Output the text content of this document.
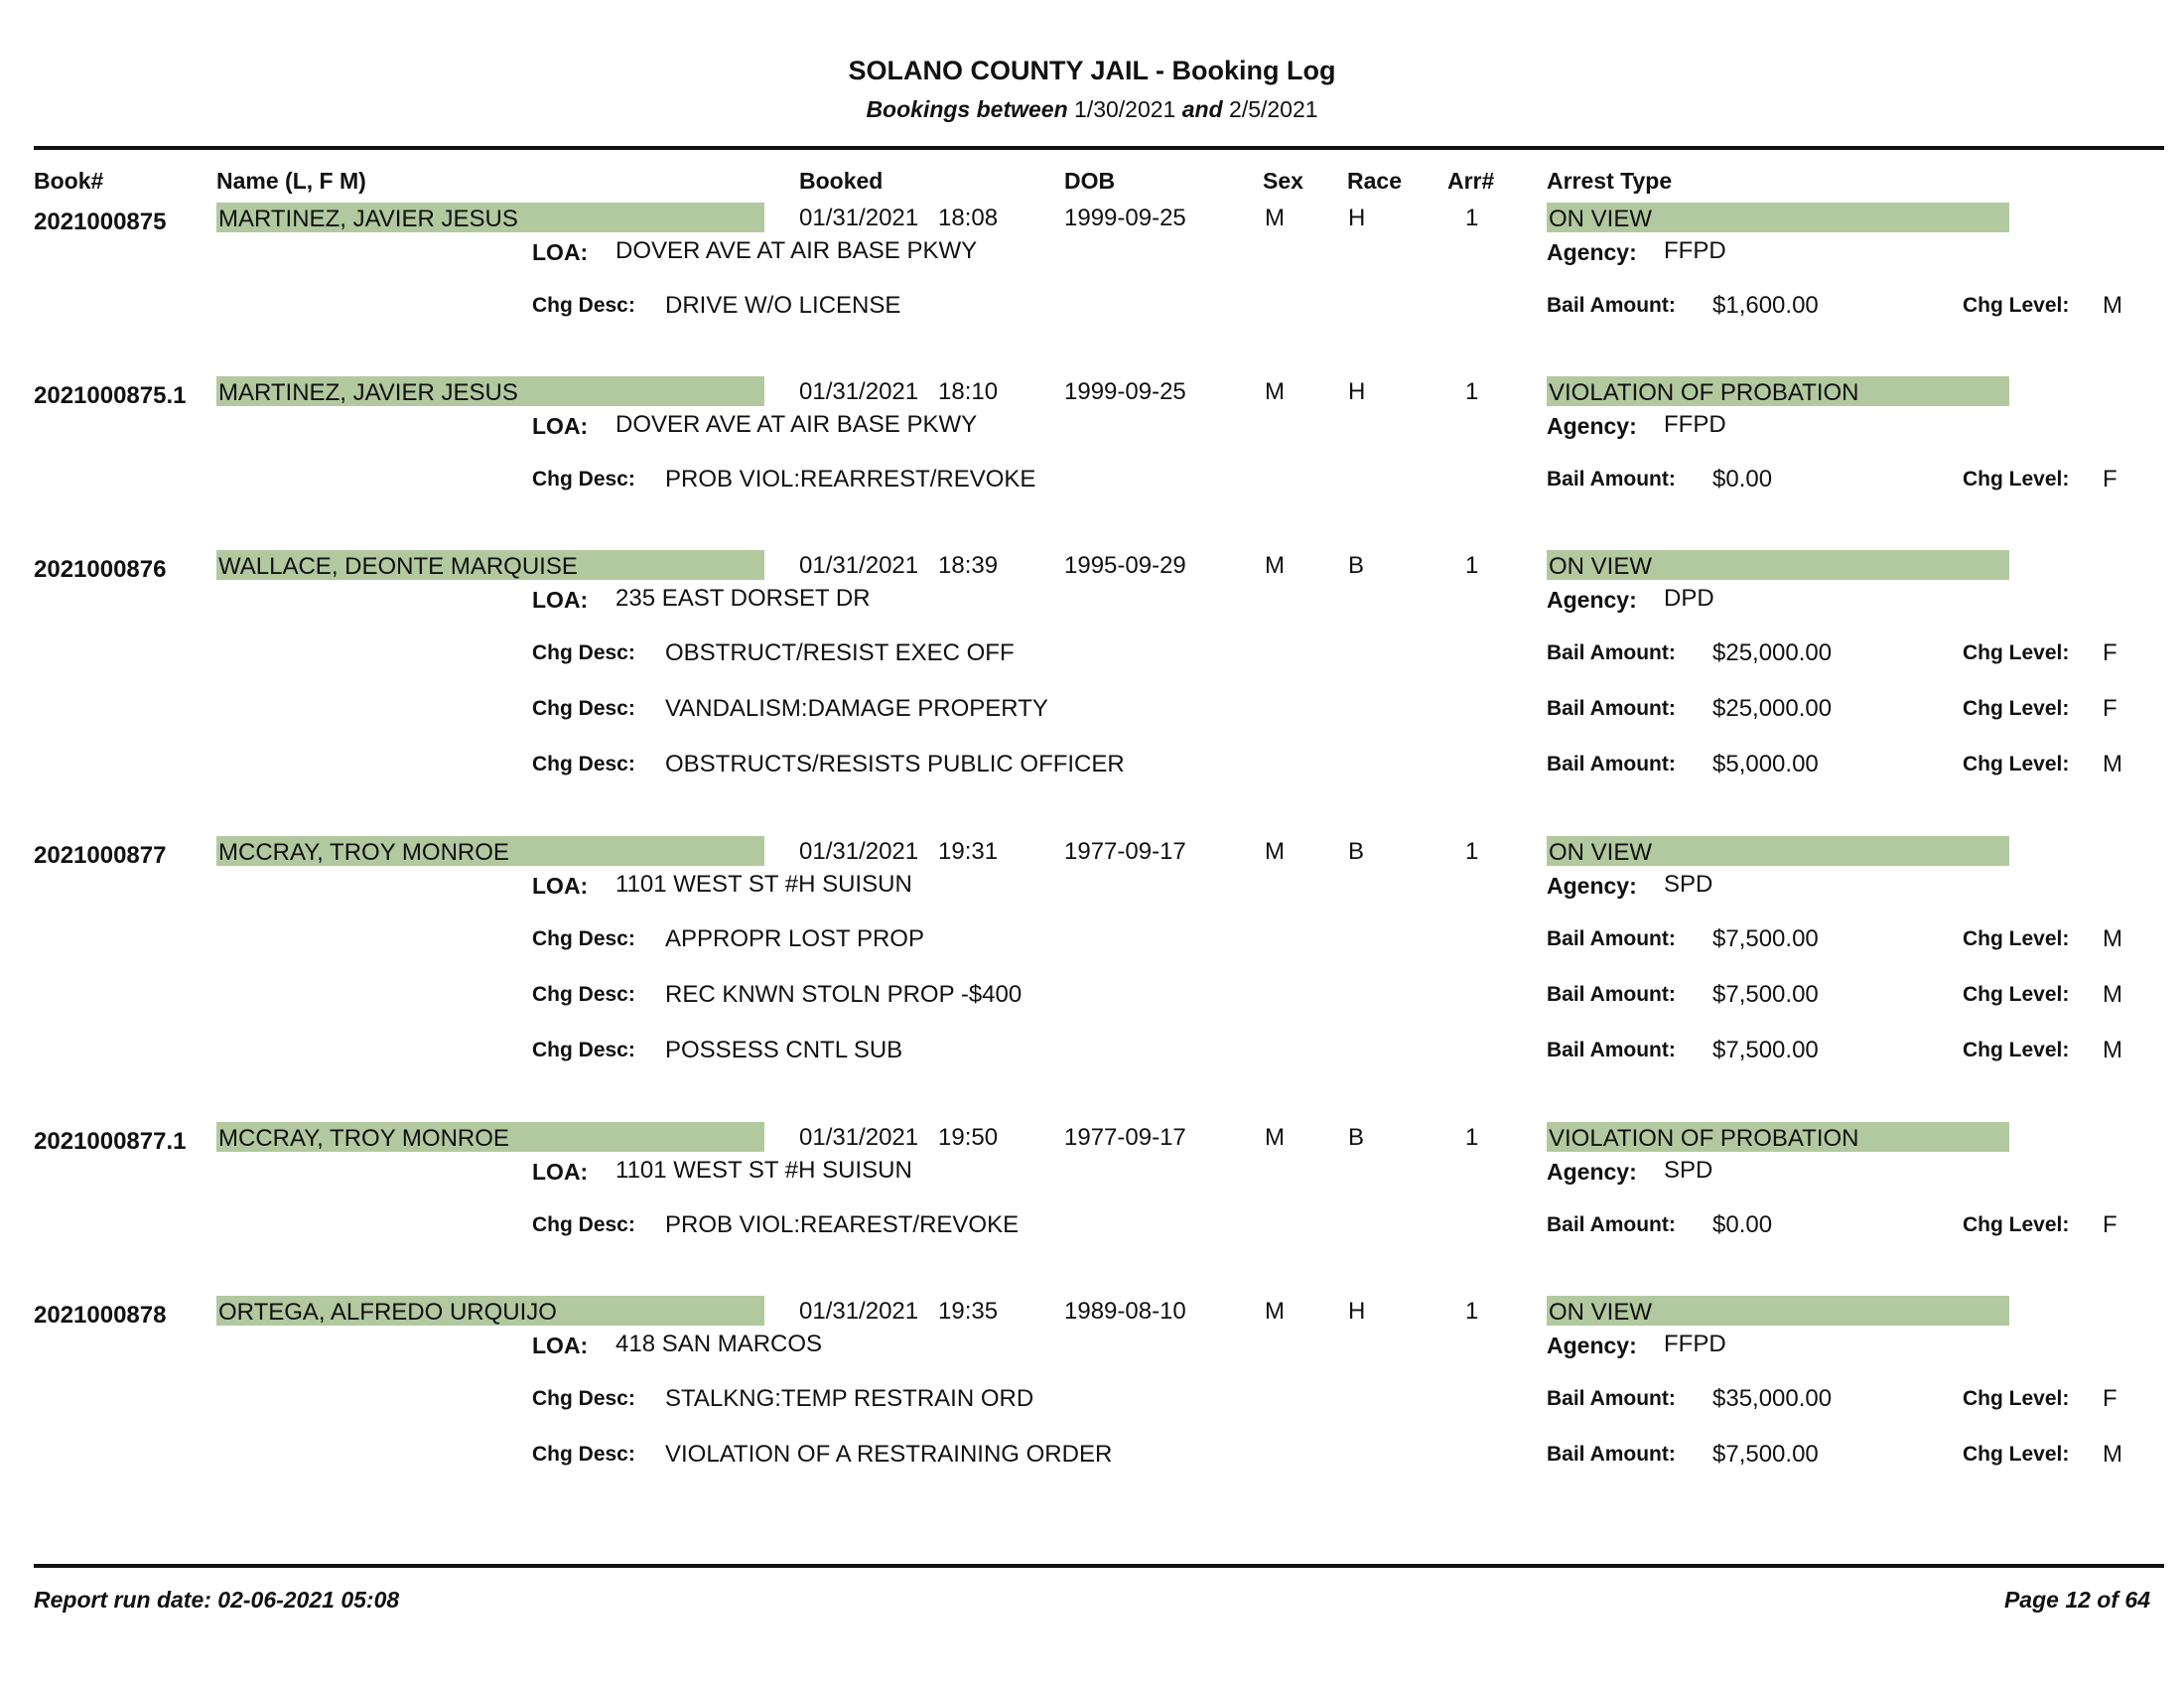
SOLANO COUNTY JAIL - Booking Log
Bookings between 1/30/2021 and 2/5/2021
Book#	Name (L, F M)	Booked	DOB	Sex Race Arr# Arrest Type
2021000875 MARTINEZ, JAVIER JESUS	01/31/2021 18:08	1999-09-25	M	H	1	ON VIEW
LOA: DOVER AVE AT AIR BASE PKWY	Agency: FFPD
Chg Desc: DRIVE W/O LICENSE	Bail Amount: $1,600.00	Chg Level: M
2021000875.1 MARTINEZ, JAVIER JESUS	01/31/2021 18:10	1999-09-25	M	H	1	VIOLATION OF PROBATION
LOA: DOVER AVE AT AIR BASE PKWY	Agency: FFPD
Chg Desc: PROB VIOL:REARREST/REVOKE	Bail Amount: $0.00	Chg Level: F
2021000876 WALLACE, DEONTE MARQUISE	01/31/2021 18:39	1995-09-29	M	B	1	ON VIEW
LOA: 235 EAST DORSET DR	Agency: DPD
Chg Desc: OBSTRUCT/RESIST EXEC OFF	Bail Amount: $25,000.00	Chg Level: F
Chg Desc: VANDALISM:DAMAGE PROPERTY	Bail Amount: $25,000.00	Chg Level: F
Chg Desc: OBSTRUCTS/RESISTS PUBLIC OFFICER	Bail Amount: $5,000.00	Chg Level: M
2021000877 MCCRAY, TROY MONROE	01/31/2021 19:31	1977-09-17	M	B	1	ON VIEW
LOA: 1101 WEST ST #H SUISUN	Agency: SPD
Chg Desc: APPROPR LOST PROP	Bail Amount: $7,500.00	Chg Level: M
Chg Desc: REC KNWN STOLN PROP -$400	Bail Amount: $7,500.00	Chg Level: M
Chg Desc: POSSESS CNTL SUB	Bail Amount: $7,500.00	Chg Level: M
2021000877.1 MCCRAY, TROY MONROE	01/31/2021 19:50	1977-09-17	M	B	1	VIOLATION OF PROBATION
LOA: 1101 WEST ST #H SUISUN	Agency: SPD
Chg Desc: PROB VIOL:REAREST/REVOKE	Bail Amount: $0.00	Chg Level: F
2021000878 ORTEGA, ALFREDO URQUIJO	01/31/2021 19:35	1989-08-10	M	H	1	ON VIEW
LOA: 418 SAN MARCOS	Agency: FFPD
Chg Desc: STALKNG:TEMP RESTRAIN ORD	Bail Amount: $35,000.00	Chg Level: F
Chg Desc: VIOLATION OF A RESTRAINING ORDER	Bail Amount: $7,500.00	Chg Level: M
Report run date: 02-06-2021 05:08	Page 12 of 64
